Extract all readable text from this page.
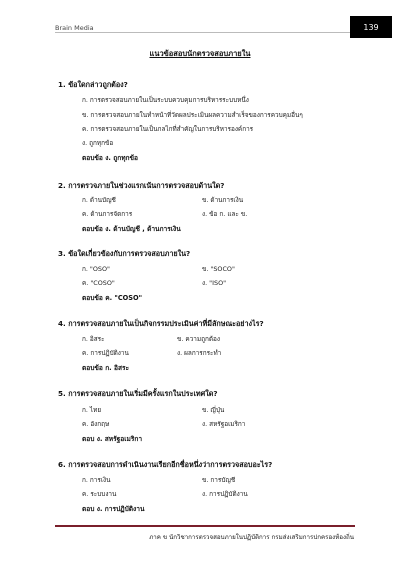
Brain Media	139
แนวข้อสอบนักตรวจสอบภายใน
1. ข้อใดกล่าวถูกต้อง?
ก. การตรวจสอบภายในเป็นระบบควบคุมการบริหารระบบหนึ่ง
ข. การตรวจสอบภายในทำหน้าที่วัดผลประเมินผลความสำเร็จของการควบคุมอื่นๆ
ค. การตรวจสอบภายในเป็นกลไกที่สำคัญในการบริหารองค์การ
ง. ถูกทุกข้อ
ตอบข้อ ง. ถูกทุกข้อ
2. การตรวจภายในช่วงแรกเน้นการตรวจสอบด้านใด?
ก. ด้านบัญชี	ข. ด้านการเงิน
ค. ด้านการจัดการ	ง. ข้อ ก. และ ข.
ตอบข้อ ง. ด้านบัญชี , ด้านการเงิน
3. ข้อใดเกี่ยวข้องกับการตรวจสอบภายใน?
ก. "OSO"	ข. "SOCO"
ค. "COSO"	ง. "ISO"
ตอบข้อ ค. "COSO"
4. การตรวจสอบภายในเป็นกิจกรรมประเมินค่าที่มีลักษณะอย่างไร?
ก. อิสระ	ข. ความถูกต้อง
ค. การปฏิบัติงาน	ง. ผลการกระทำ
ตอบข้อ ก. อิสระ
5. การตรวจสอบภายในเริ่มมีครั้งแรกในประเทศใด?
ก. ไทย	ข. ญี่ปุ่น
ค. อังกฤษ	ง. สหรัฐอเมริกา
ตอบ ง. สหรัฐอเมริกา
6. การตรวจสอบการดำเนินงานเรียกอีกชื่อหนึ่งว่าการตรวจสอบอะไร?
ก. การเงิน	ข. การบัญชี
ค. ระบบงาน	ง. การปฏิบัติงาน
ตอบ ง. การปฏิบัติงาน
ภาค ข นักวิชาการตรวจสอบภายในปฏิบัติการ กรมส่งเสริมการปกครองท้องถิ่น
